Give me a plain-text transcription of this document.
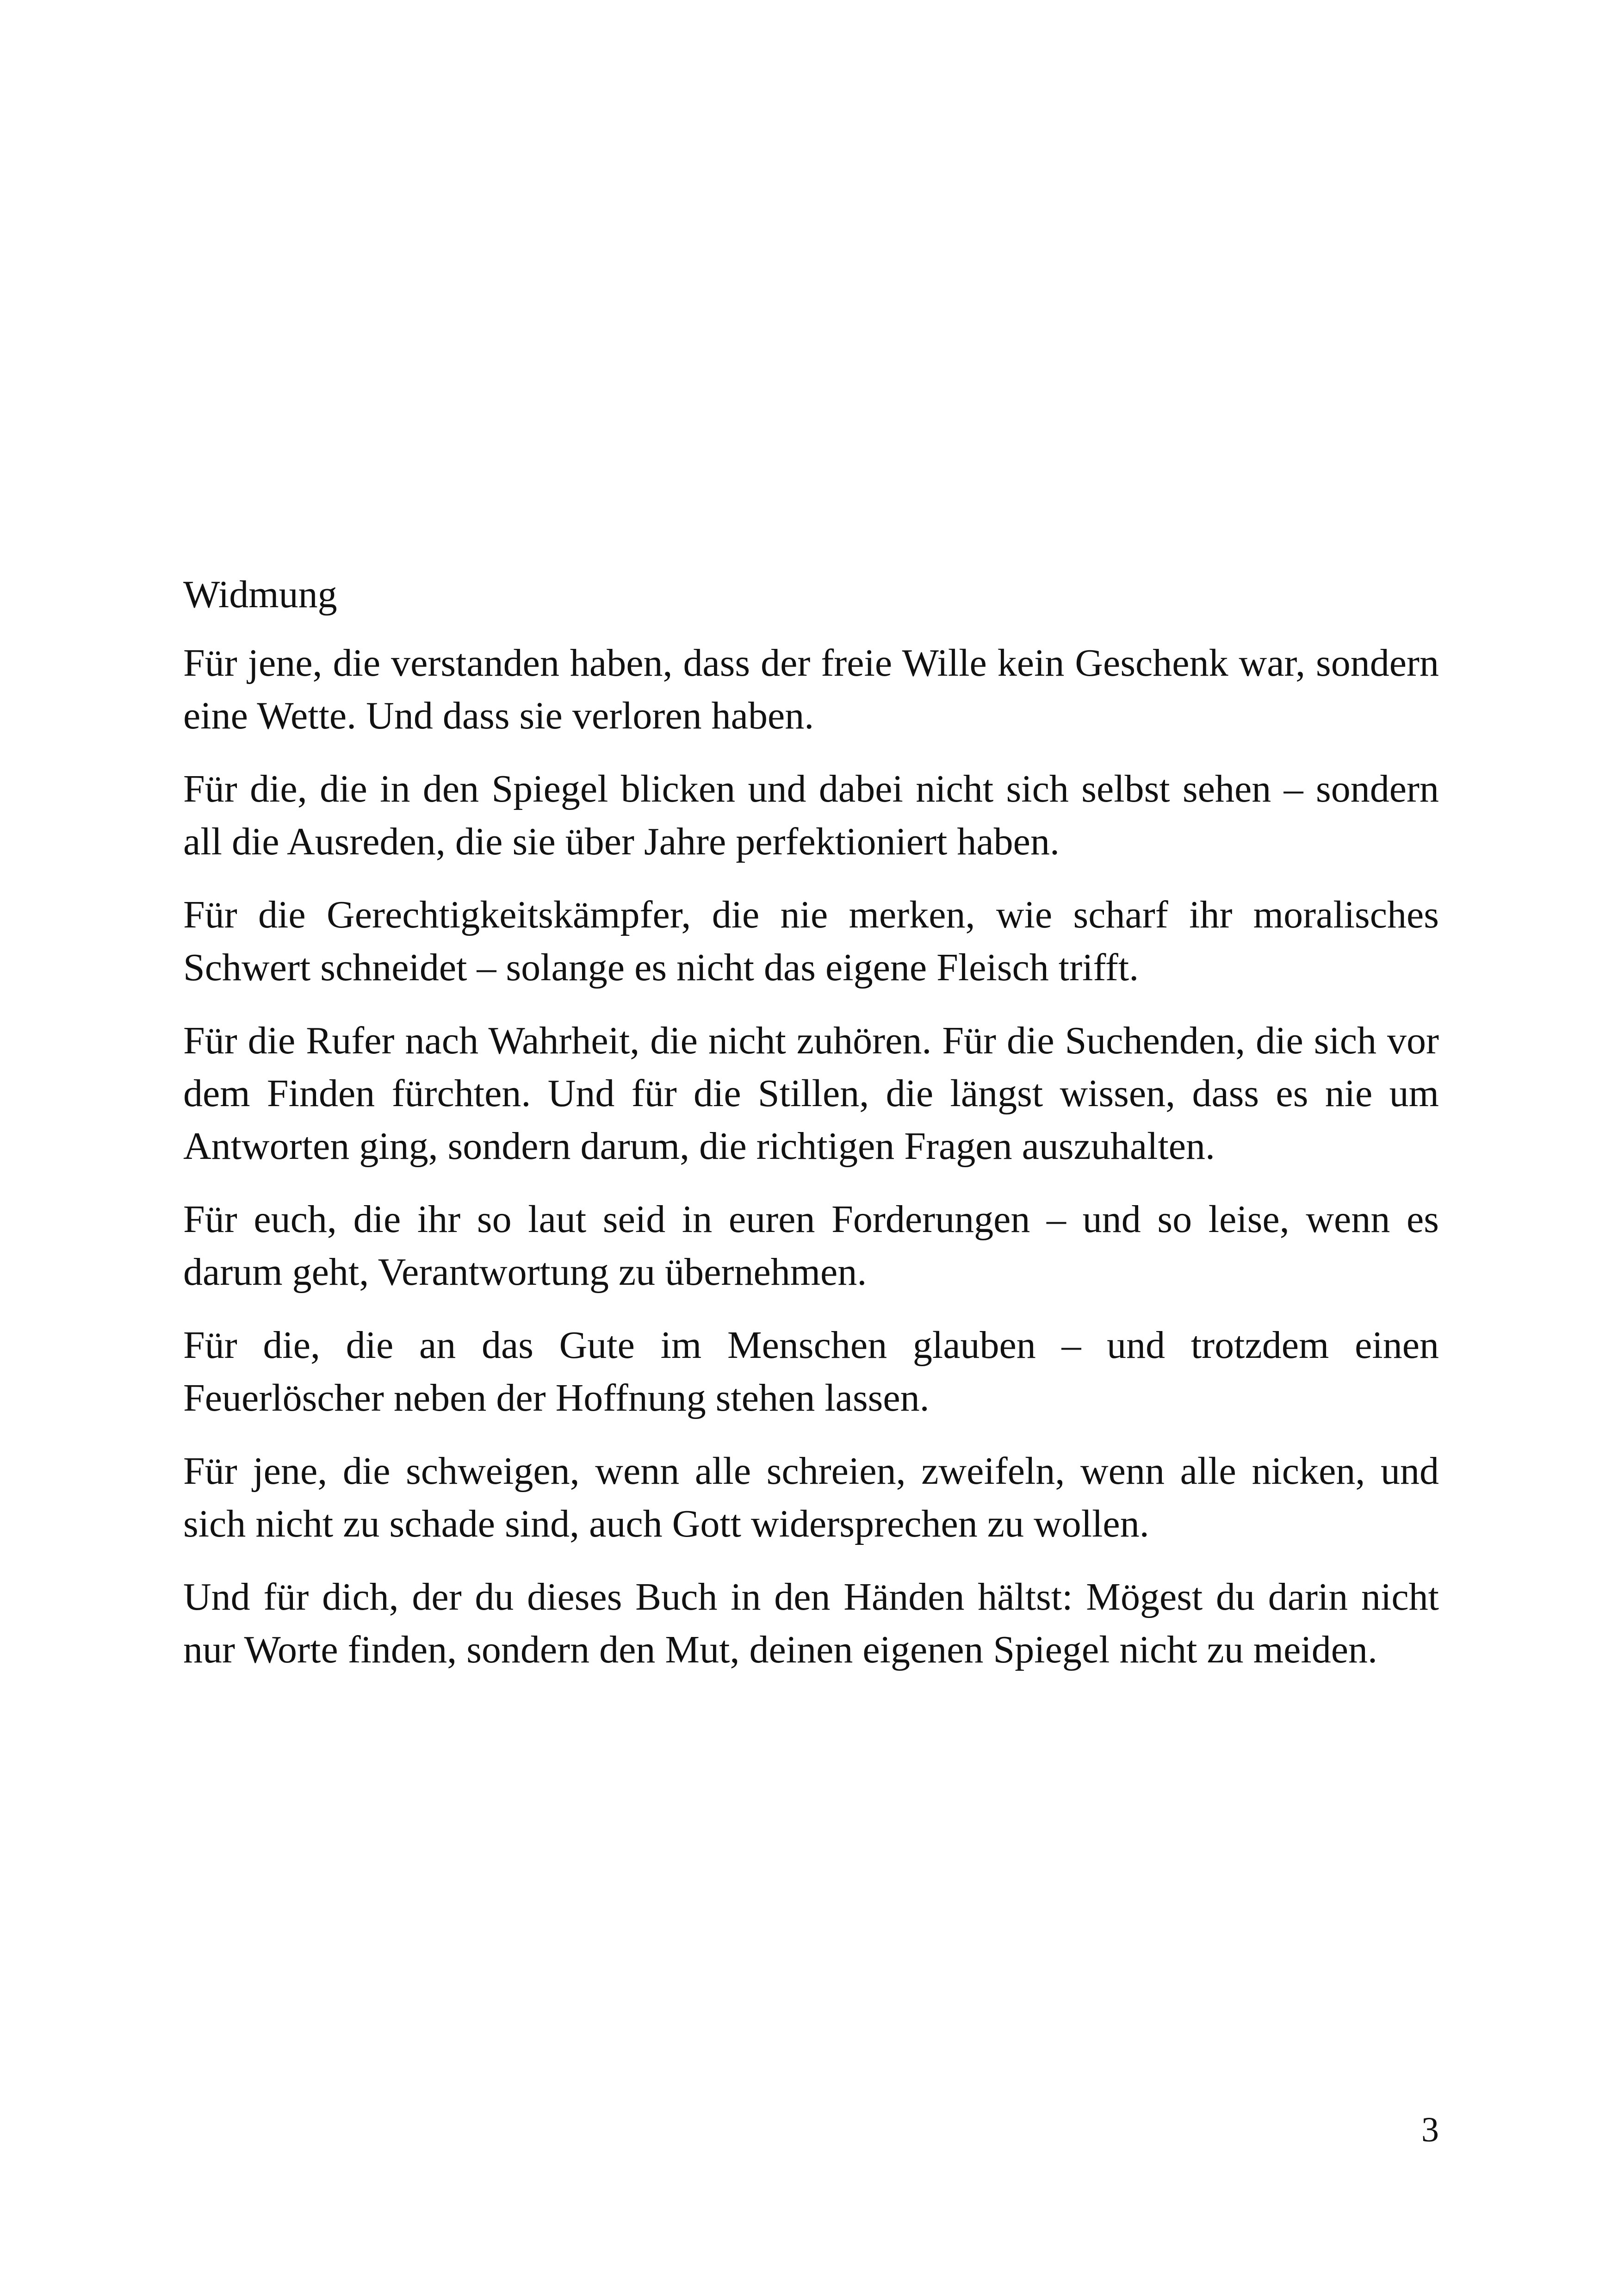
Widmung

Für jene, die verstanden haben, dass der freie Wille kein Geschenk war, sondern eine Wette. Und dass sie verloren haben.

Für die, die in den Spiegel blicken und dabei nicht sich selbst sehen – sondern all die Ausreden, die sie über Jahre perfektioniert haben.

Für die Gerechtigkeitskämpfer, die nie merken, wie scharf ihr moralisches Schwert schneidet – solange es nicht das eigene Fleisch trifft.

Für die Rufer nach Wahrheit, die nicht zuhören. Für die Suchenden, die sich vor dem Finden fürchten. Und für die Stillen, die längst wissen, dass es nie um Antworten ging, sondern darum, die richtigen Fragen auszuhalten.

Für euch, die ihr so laut seid in euren Forderungen – und so leise, wenn es darum geht, Verantwortung zu übernehmen.

Für die, die an das Gute im Menschen glauben – und trotzdem einen Feuerlöscher neben der Hoffnung stehen lassen.

Für jene, die schweigen, wenn alle schreien, zweifeln, wenn alle nicken, und sich nicht zu schade sind, auch Gott widersprechen zu wollen.

Und für dich, der du dieses Buch in den Händen hältst: Mögest du darin nicht nur Worte finden, sondern den Mut, deinen eigenen Spiegel nicht zu meiden.

3
